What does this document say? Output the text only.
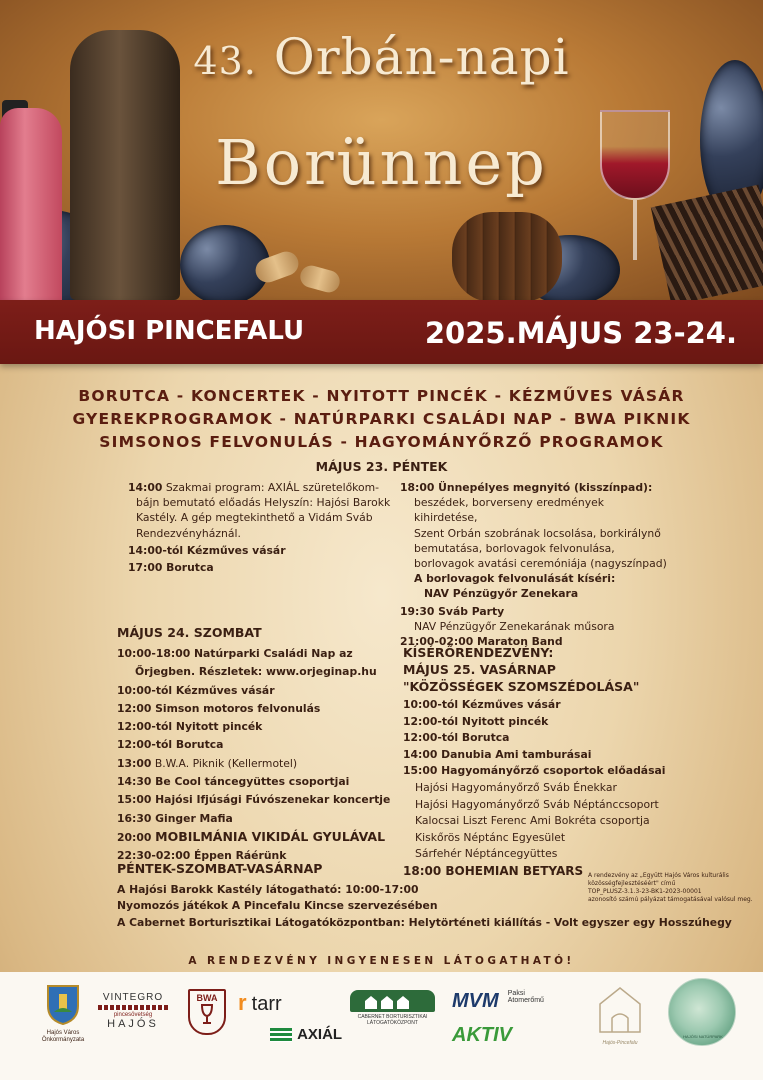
43. Orbán-napi
Borünnep
HAJÓSI PINCEFALU	2025.MÁJUS 23-24.
BORUTCA - KONCERTEK - NYITOTT PINCÉK - KÉZMŰVES VÁSÁR
GYEREKPROGRAMOK - NATÚRPARKI CSALÁDI NAP - BWA PIKNIK
SIMSONOS FELVONULÁS - HAGYOMÁNYŐRZŐ PROGRAMOK
MÁJUS 23. PÉNTEK
14:00 Szakmai program: AXIÁL szüretelőkom-
bájn bemutató előadás Helyszín: Hajósi Barokk
Kastély. A gép megtekinthető a Vidám Sváb
Rendezvényháznál.
14:00-tól Kézműves vásár
17:00 Borutca
18:00 Ünnepélyes megnyitó (kisszínpad):
beszédek, borverseny eredmények kihirdetése,
Szent Orbán szobrának locsolása, borkirálynő
bemutatása, borlovagok felvonulása,
borlovagok avatási ceremóniája (nagyszínpad)
A borlovagok felvonulását kíséri:
NAV Pénzügyőr Zenekara
19:30 Sváb Party
NAV Pénzügyőr Zenekarának műsora
21:00-02:00 Maraton Band
MÁJUS 24. SZOMBAT
10:00-18:00 Natúrparki Családi Nap az
Őrjegben. Részletek: www.orjeginap.hu
10:00-tól Kézműves vásár
12:00 Simson motoros felvonulás
12:00-tól Nyitott pincék
12:00-tól Borutca
13:00 B.W.A. Piknik (Kellermotel)
14:30 Be Cool táncegyüttes csoportjai
15:00 Hajósi Ifjúsági Fúvószenekar koncertje
16:30 Ginger Mafia
20:00 MOBILMÁNIA VIKIDÁL GYULÁVAL
22:30-02:00 Éppen Ráérünk
KÍSÉRŐRENDEZVÉNY:
MÁJUS 25. VASÁRNAP
"KÖZÖSSÉGEK SZOMSZÉDOLÁSA"
10:00-tól Kézműves vásár
12:00-tól Nyitott pincék
12:00-tól Borutca
14:00 Danubia Ami tamburásai
15:00 Hagyományőrző csoportok előadásai
Hajósi Hagyományőrző Sváb Énekkar
Hajósi Hagyományőrző Sváb Néptánccsoport
Kalocsai Liszt Ferenc Ami Bokréta csoportja
Kiskőrös Néptánc Egyesület
Sárfehér Néptáncegyüttes
18:00 BOHEMIAN BETYARS A rendezvény az „Együtt Hajós Város kulturális
közösségfejlesztéséért" című
TOP_PLUSZ-3.1.3-23-BK1-2023-00001
azonosító számú pályázat támogatásával valósul meg.
PÉNTEK-SZOMBAT-VASÁRNAP
A Hajósi Barokk Kastély látogatható: 10:00-17:00
Nyomozós játékok A Pincefalu Kincse szervezésében
A Cabernet Borturisztikai Látogatóközpontban: Helytörténeti kiállítás - Volt egyszer egy Hosszúhegy
A RENDEZVÉNY INGYENESEN LÁTOGATHATÓ!
Hajós Város
Önkormányzata
VINTEGRO
pincesövetség
HAJÓS
BWA r tarr
AXIÁL
CABERNET BORTURISZTIKAI
LÁTOGATÓKÖZPONT
MVM Paksi
Atomerőmű
AKTIV	Hajós-Pincefalu
HAJÓSI NATÚRPARK
